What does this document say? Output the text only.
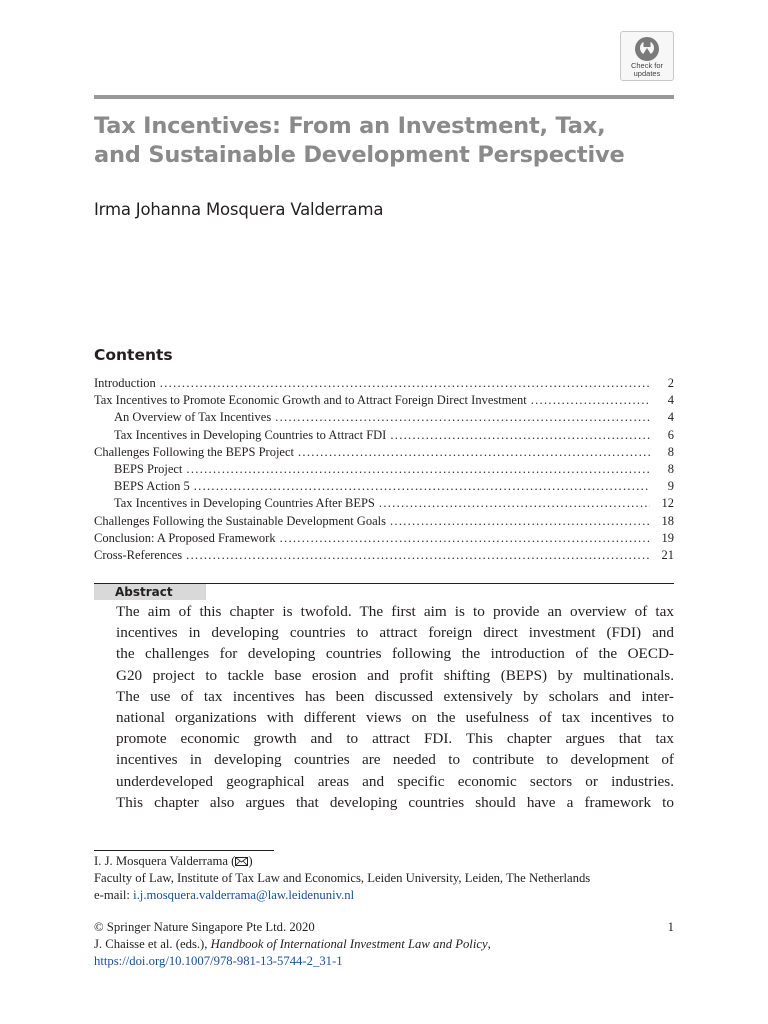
Check for
updates
Tax Incentives: From an Investment, Tax,
and Sustainable Development Perspective
Irma Johanna Mosquera Valderrama
Contents
Introduction .....	2
Tax Incentives to Promote Economic Growth and to Attract Foreign Direct Investment .....	4
An Overview of Tax Incentives .....	4
Tax Incentives in Developing Countries to Attract FDI .....	6
Challenges Following the BEPS Project .....	8
BEPS Project .....	8
BEPS Action 5 .....	9
Tax Incentives in Developing Countries After BEPS .....	12
Challenges Following the Sustainable Development Goals .....	18
Conclusion: A Proposed Framework .....	19
Cross-References .....	21
Abstract
The aim of this chapter is twofold. The first aim is to provide an overview of tax
incentives in developing countries to attract foreign direct investment (FDI) and
the challenges for developing countries following the introduction of the OECD-
G20 project to tackle base erosion and profit shifting (BEPS) by multinationals.
The use of tax incentives has been discussed extensively by scholars and inter-
national organizations with different views on the usefulness of tax incentives to
promote economic growth and to attract FDI. This chapter argues that tax
incentives in developing countries are needed to contribute to development of
underdeveloped geographical areas and specific economic sectors or industries.
This chapter also argues that developing countries should have a framework to
I. J. Mosquera Valderrama ( )
Faculty of Law, Institute of Tax Law and Economics, Leiden University, Leiden, The Netherlands
e-mail: i.j.mosquera.valderrama@law.leidenuniv.nl
© Springer Nature Singapore Pte Ltd. 2020	1
J. Chaisse et al. (eds.), Handbook of International Investment Law and Policy,
https://doi.org/10.1007/978-981-13-5744-2_31-1
